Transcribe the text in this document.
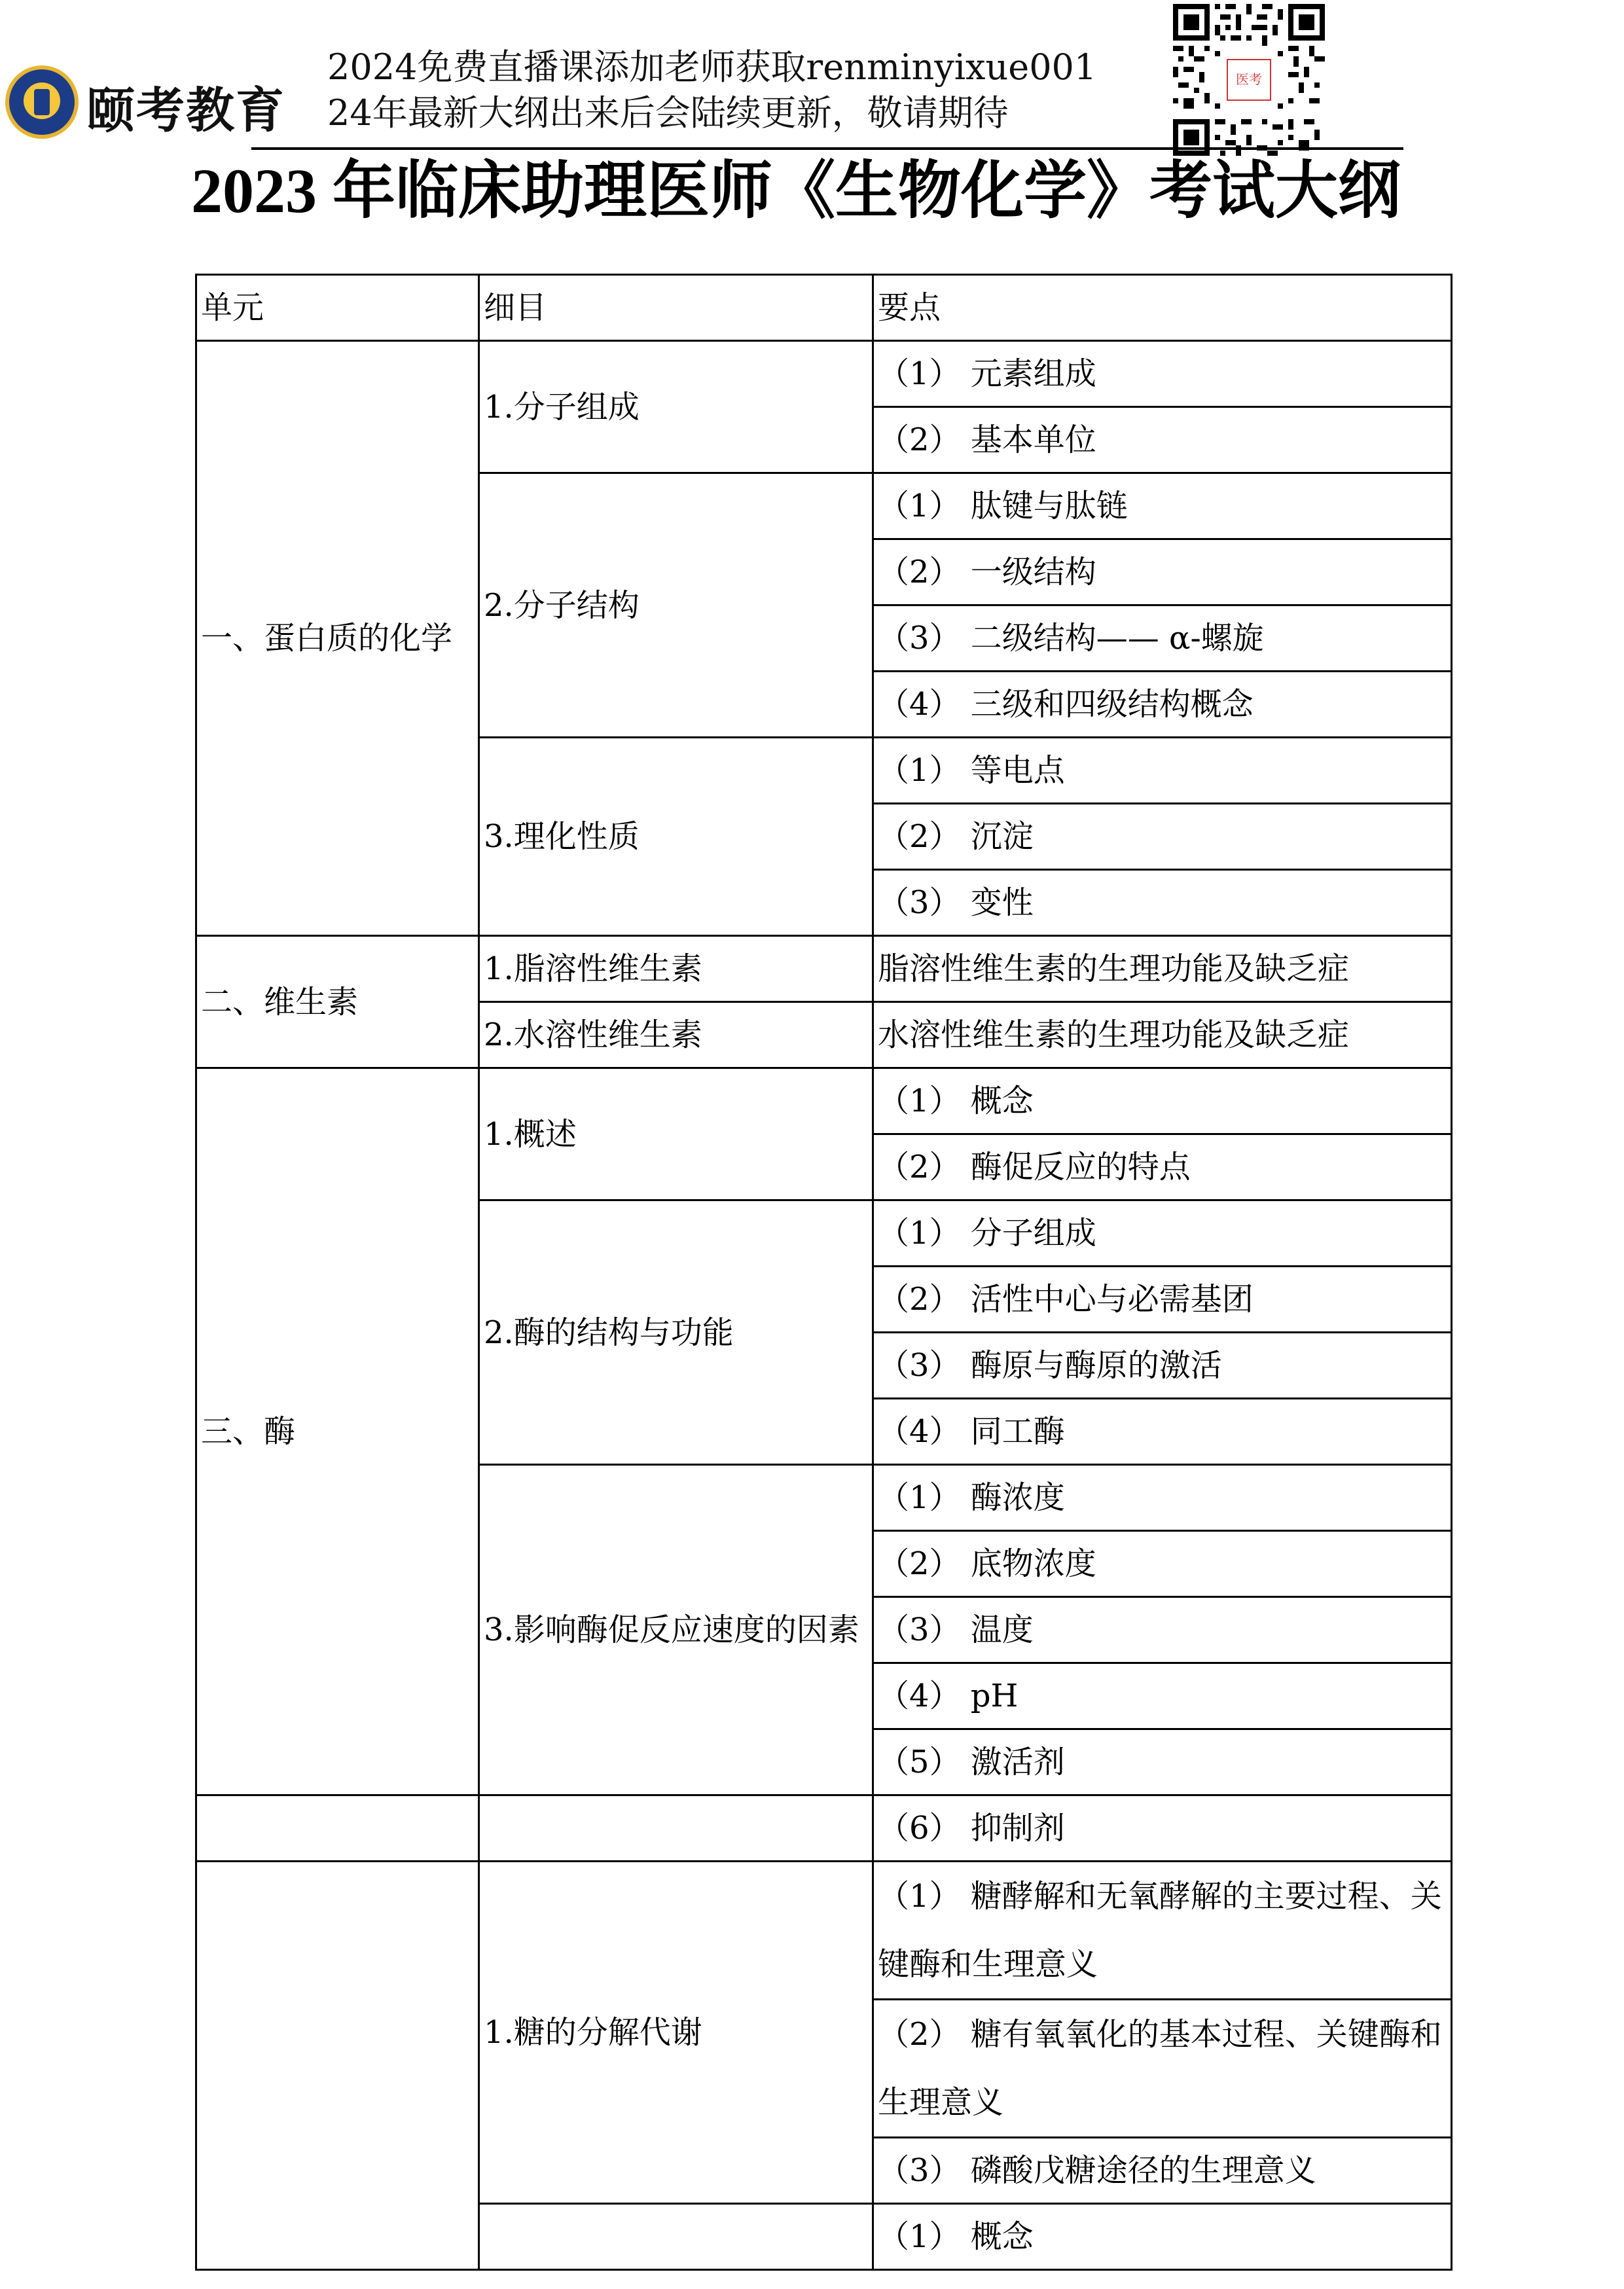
颐考教育
2024免费直播课添加老师获取renminyixue001
24年最新大纲出来后会陆续更新，敬请期待
医考
2023 年临床助理医师《生物化学》考试大纲
单元	细目	要点
一、蛋白质的化学	1.分子组成	（1） 元素组成
		（2） 基本单位
	2.分子结构	（1） 肽键与肽链
		（2） 一级结构
		（3） 二级结构—— α-螺旋
		（4） 三级和四级结构概念
	3.理化性质	（1） 等电点
		（2） 沉淀
		（3） 变性
二、维生素	1.脂溶性维生素	脂溶性维生素的生理功能及缺乏症
	2.水溶性维生素	水溶性维生素的生理功能及缺乏症
三、酶	1.概述	（1） 概念
		（2） 酶促反应的特点
	2.酶的结构与功能	（1） 分子组成
		（2） 活性中心与必需基团
		（3） 酶原与酶原的激活
		（4） 同工酶
	3.影响酶促反应速度的因素	（1） 酶浓度
		（2） 底物浓度
		（3） 温度
		（4） pH
		（5） 激活剂
		（6） 抑制剂
	1.糖的分解代谢	（1） 糖酵解和无氧酵解的主要过程、关键酶和生理意义
		（2） 糖有氧氧化的基本过程、关键酶和生理意义
		（3） 磷酸戊糖途径的生理意义
		（1） 概念
